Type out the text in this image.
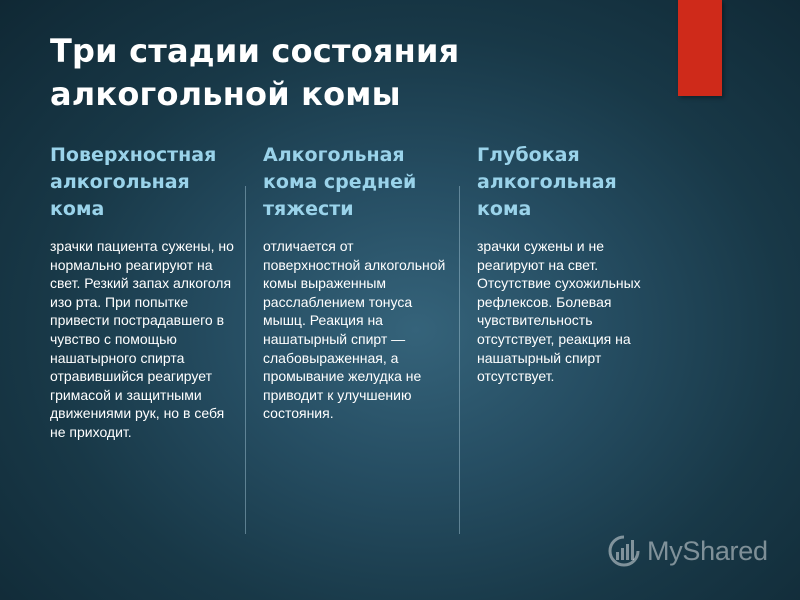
Три стадии состояния алкогольной комы
Поверхностная алкогольная кома

зрачки пациента сужены, но нормально реагируют на свет. Резкий запах алкоголя изо рта. При попытке привести пострадавшего в чувство с помощью нашатырного спирта отравившийся реагирует гримасой и защитными движениями рук, но в себя не приходит.

Алкогольная кома средней тяжести

отличается от поверхностной алкогольной комы выраженным расслаблением тонуса мышц. Реакция на нашатырный спирт — слабовыраженная, а промывание желудка не приводит к улучшению состояния.

Глубокая алкогольная кома

зрачки сужены и не реагируют на свет. Отсутствие сухожильных рефлексов. Болевая чувствительность отсутствует, реакция на нашатырный спирт отсутствует.

MyShared
